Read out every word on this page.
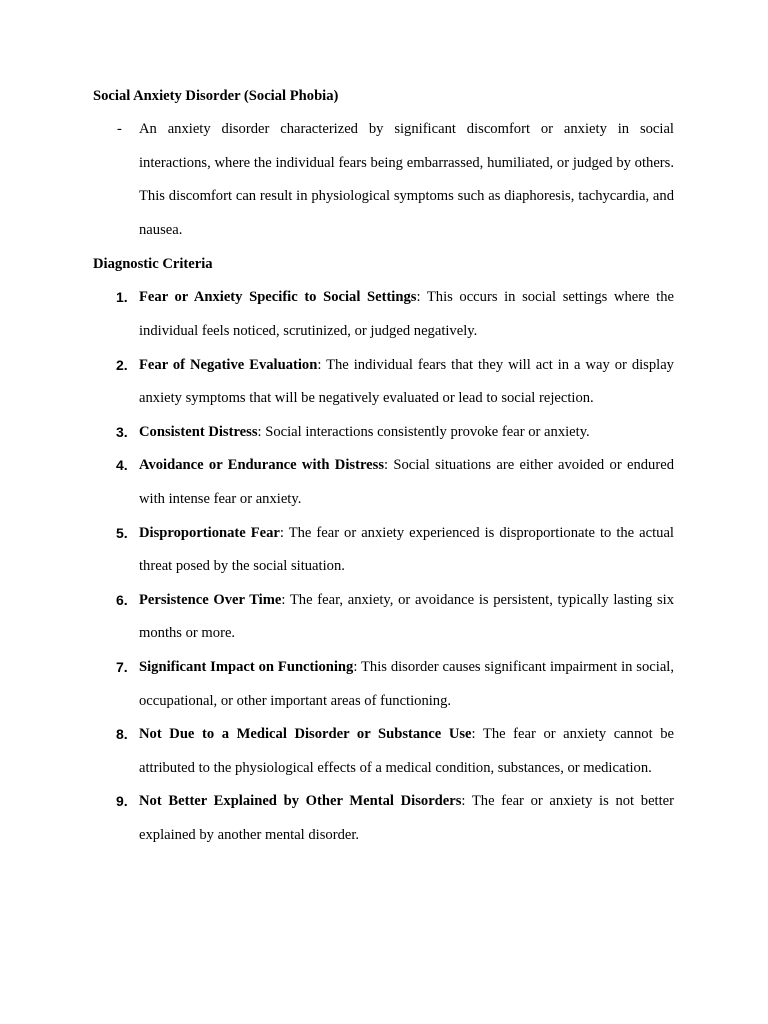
Social Anxiety Disorder (Social Phobia)
-	An anxiety disorder characterized by significant discomfort or anxiety in social interactions, where the individual fears being embarrassed, humiliated, or judged by others. This discomfort can result in physiological symptoms such as diaphoresis, tachycardia, and nausea.
Diagnostic Criteria
1. Fear or Anxiety Specific to Social Settings: This occurs in social settings where the individual feels noticed, scrutinized, or judged negatively.
2. Fear of Negative Evaluation: The individual fears that they will act in a way or display anxiety symptoms that will be negatively evaluated or lead to social rejection.
3. Consistent Distress: Social interactions consistently provoke fear or anxiety.
4. Avoidance or Endurance with Distress: Social situations are either avoided or endured with intense fear or anxiety.
5. Disproportionate Fear: The fear or anxiety experienced is disproportionate to the actual threat posed by the social situation.
6. Persistence Over Time: The fear, anxiety, or avoidance is persistent, typically lasting six months or more.
7. Significant Impact on Functioning: This disorder causes significant impairment in social, occupational, or other important areas of functioning.
8. Not Due to a Medical Disorder or Substance Use: The fear or anxiety cannot be attributed to the physiological effects of a medical condition, substances, or medication.
9. Not Better Explained by Other Mental Disorders: The fear or anxiety is not better explained by another mental disorder.
